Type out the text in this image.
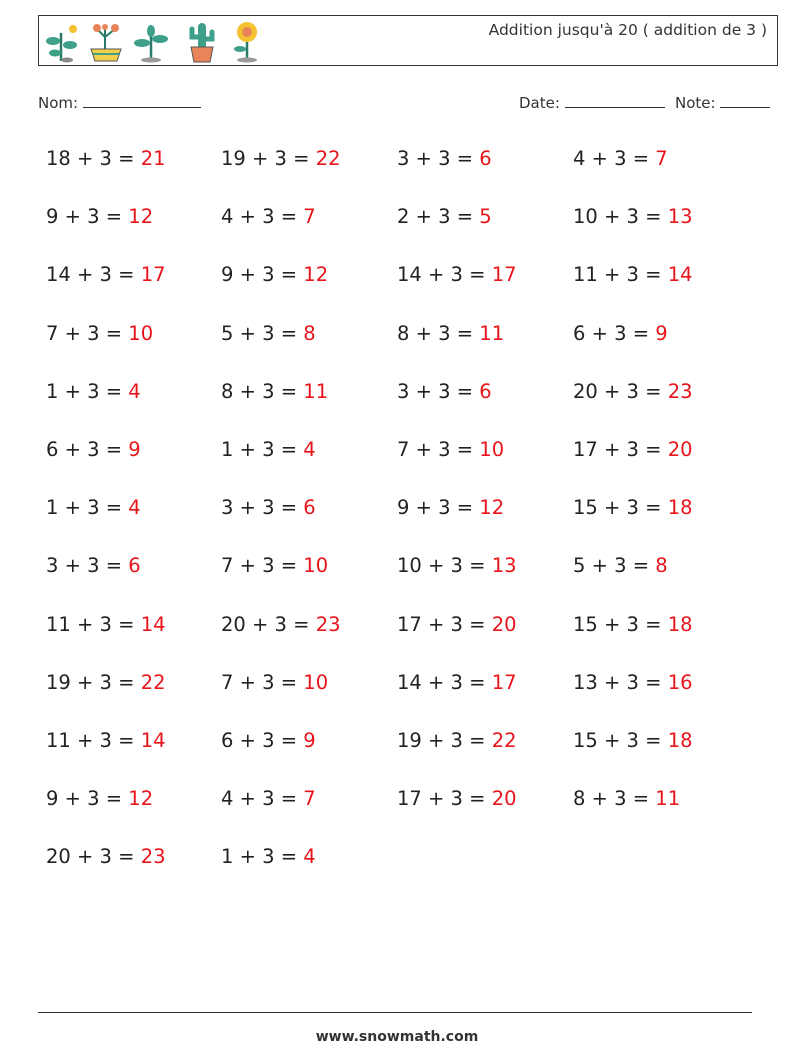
Addition jusqu'à 20 ( addition de 3 )
Nom:	Date:	Note:
18 + 3 = 21	19 + 3 = 22	3 + 3 = 6	4 + 3 = 7
9 + 3 = 12	4 + 3 = 7	2 + 3 = 5	10 + 3 = 13
14 + 3 = 17	9 + 3 = 12	14 + 3 = 17	11 + 3 = 14
7 + 3 = 10	5 + 3 = 8	8 + 3 = 11	6 + 3 = 9
1 + 3 = 4	8 + 3 = 11	3 + 3 = 6	20 + 3 = 23
6 + 3 = 9	1 + 3 = 4	7 + 3 = 10	17 + 3 = 20
1 + 3 = 4	3 + 3 = 6	9 + 3 = 12	15 + 3 = 18
3 + 3 = 6	7 + 3 = 10	10 + 3 = 13	5 + 3 = 8
11 + 3 = 14	20 + 3 = 23	17 + 3 = 20	15 + 3 = 18
19 + 3 = 22	7 + 3 = 10	14 + 3 = 17	13 + 3 = 16
11 + 3 = 14	6 + 3 = 9	19 + 3 = 22	15 + 3 = 18
9 + 3 = 12	4 + 3 = 7	17 + 3 = 20	8 + 3 = 11
20 + 3 = 23	1 + 3 = 4
www.snowmath.com
